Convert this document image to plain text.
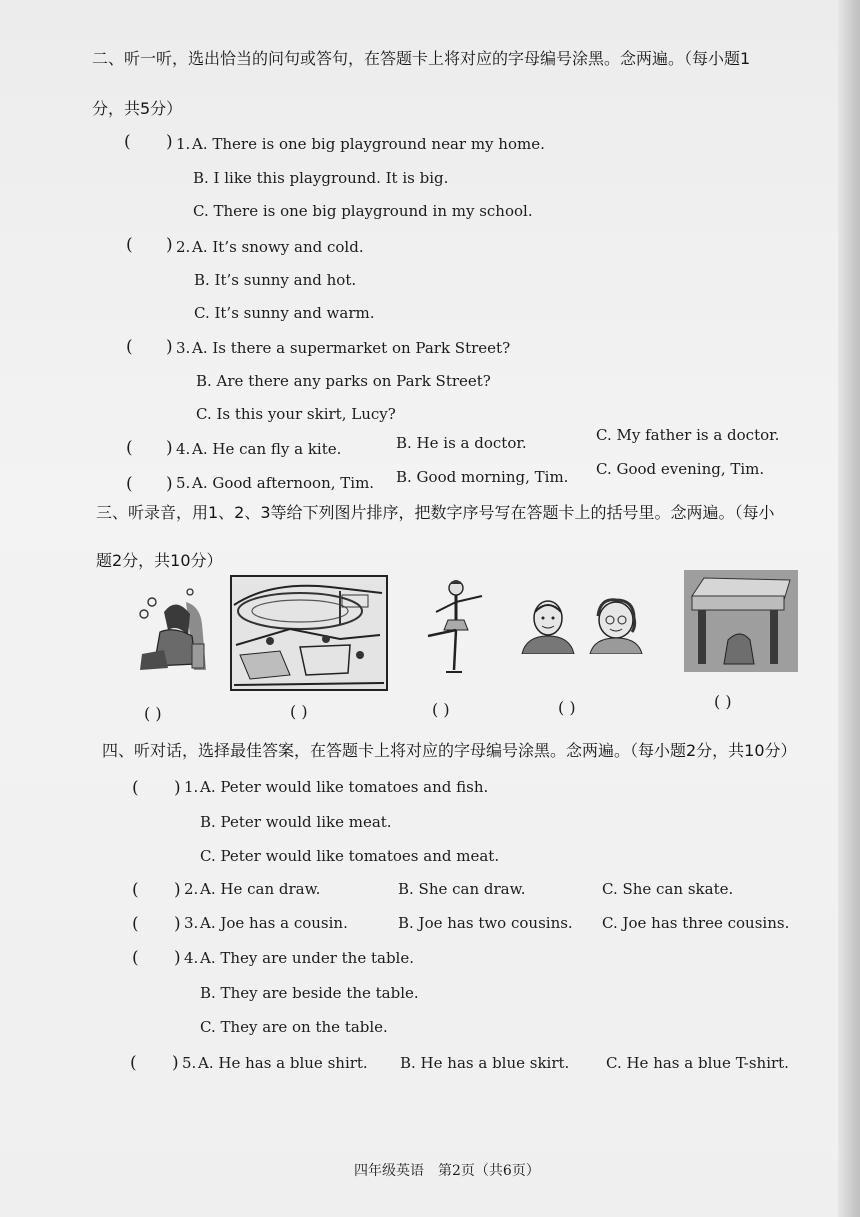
二、听一听，选出恰当的问句或答句，在答题卡上将对应的字母编号涂黑。念两遍。（每小题1
分，共5分）
( ) 1. A. There is one big playground near my home.
B. I like this playground. It is big.
C. There is one big playground in my school.
( ) 2. A. It’s snowy and cold.
B. It’s sunny and hot.
C. It’s sunny and warm.
( ) 3. A. Is there a supermarket on Park Street?
B. Are there any parks on Park Street?
C. Is this your skirt, Lucy?
( ) 4. A. He can fly a kite.	B. He is a doctor.	C. My father is a doctor.
( ) 5. A. Good afternoon, Tim. B. Good morning, Tim. C. Good evening, Tim.
三、听录音，用1、2、3等给下列图片排序，把数字序号写在答题卡上的括号里。念两遍。（每小
题2分，共10分）
( )	( )	( )	( )	( )
四、听对话，选择最佳答案，在答题卡上将对应的字母编号涂黑。念两遍。（每小题2分，共10分）
( ) 1. A. Peter would like tomatoes and fish.
B. Peter would like meat.
C. Peter would like tomatoes and meat.
( ) 2. A. He can draw.	B. She can draw.	C. She can skate.
( ) 3. A. Joe has a cousin.	B. Joe has two cousins. C. Joe has three cousins.
( ) 4. A. They are under the table.
B. They are beside the table.
C. They are on the table.
( ) 5. A. He has a blue shirt. B. He has a blue skirt. C. He has a blue T-shirt.
四年级英语　第2页（共6页）
